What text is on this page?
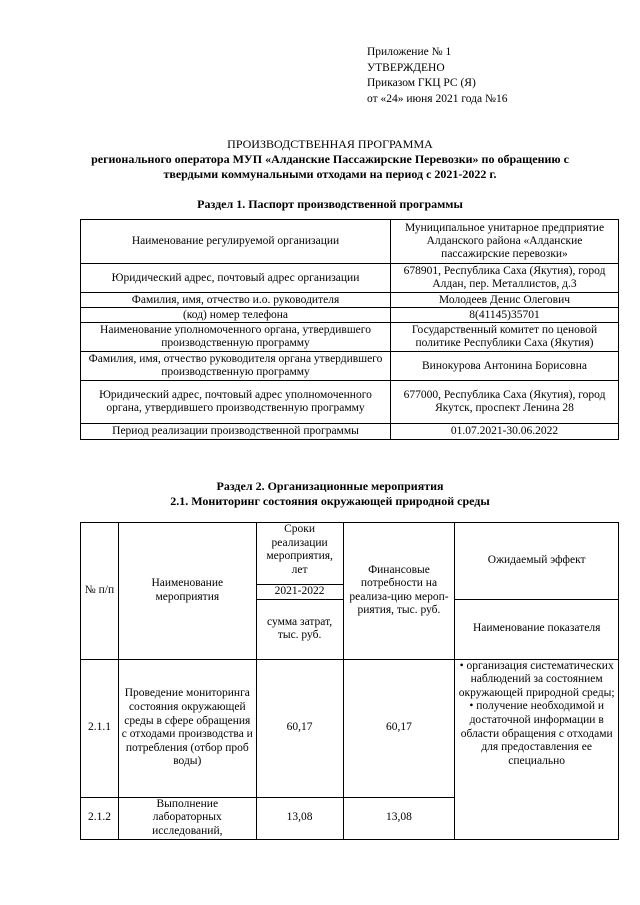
Приложение № 1
УТВЕРЖДЕНО
Приказом ГКЦ РС (Я)
от «24» июня 2021 года №16
ПРОИЗВОДСТВЕННАЯ ПРОГРАММА
регионального оператора МУП «Алданские Пассажирские Перевозки» по обращению с
твердыми коммунальными отходами на период с 2021-2022 г.
Раздел 1. Паспорт производственной программы
Наименование регулируемой организации	Муниципальное унитарное предприятие Алданского района «Алданские пассажирские перевозки»
Юридический адрес, почтовый адрес организации	678901, Республика Саха (Якутия), город Алдан, пер. Металлистов, д.3
Фамилия, имя, отчество и.о. руководителя	Молодеев Денис Олегович
(код) номер телефона	8(41145)35701
Наименование уполномоченного органа, утвердившего производственную программу	Государственный комитет по ценовой политике Республики Саха (Якутия)
Фамилия, имя, отчество руководителя органа утвердившего производственную программу	Винокурова Антонина Борисовна
Юридический адрес, почтовый адрес уполномоченного органа, утвердившего производственную программу	677000, Республика Саха (Якутия), город Якутск, проспект Ленина 28
Период реализации производственной программы	01.07.2021-30.06.2022
Раздел 2. Организационные мероприятия
2.1. Мониторинг состояния окружающей природной среды
№ п/п	Наименование мероприятия	Сроки реализации мероприятия, лет	Финансовые потребности на реализа-цию мероп-риятия, тыс. руб.	Ожидаемый эффект
		2021-2022		
		сумма затрат, тыс. руб.		Наименование показателя
2.1.1	Проведение мониторинга состояния окружающей среды в сфере обращения с отходами производства и потребления (отбор проб воды)	60,17	60,17	• организация систематических наблюдений за состоянием окружающей природной среды; • получение необходимой и достаточной информации в области обращения с отходами для предоставления ее специально
2.1.2	Выполнение лабораторных исследований,	13,08	13,08	
